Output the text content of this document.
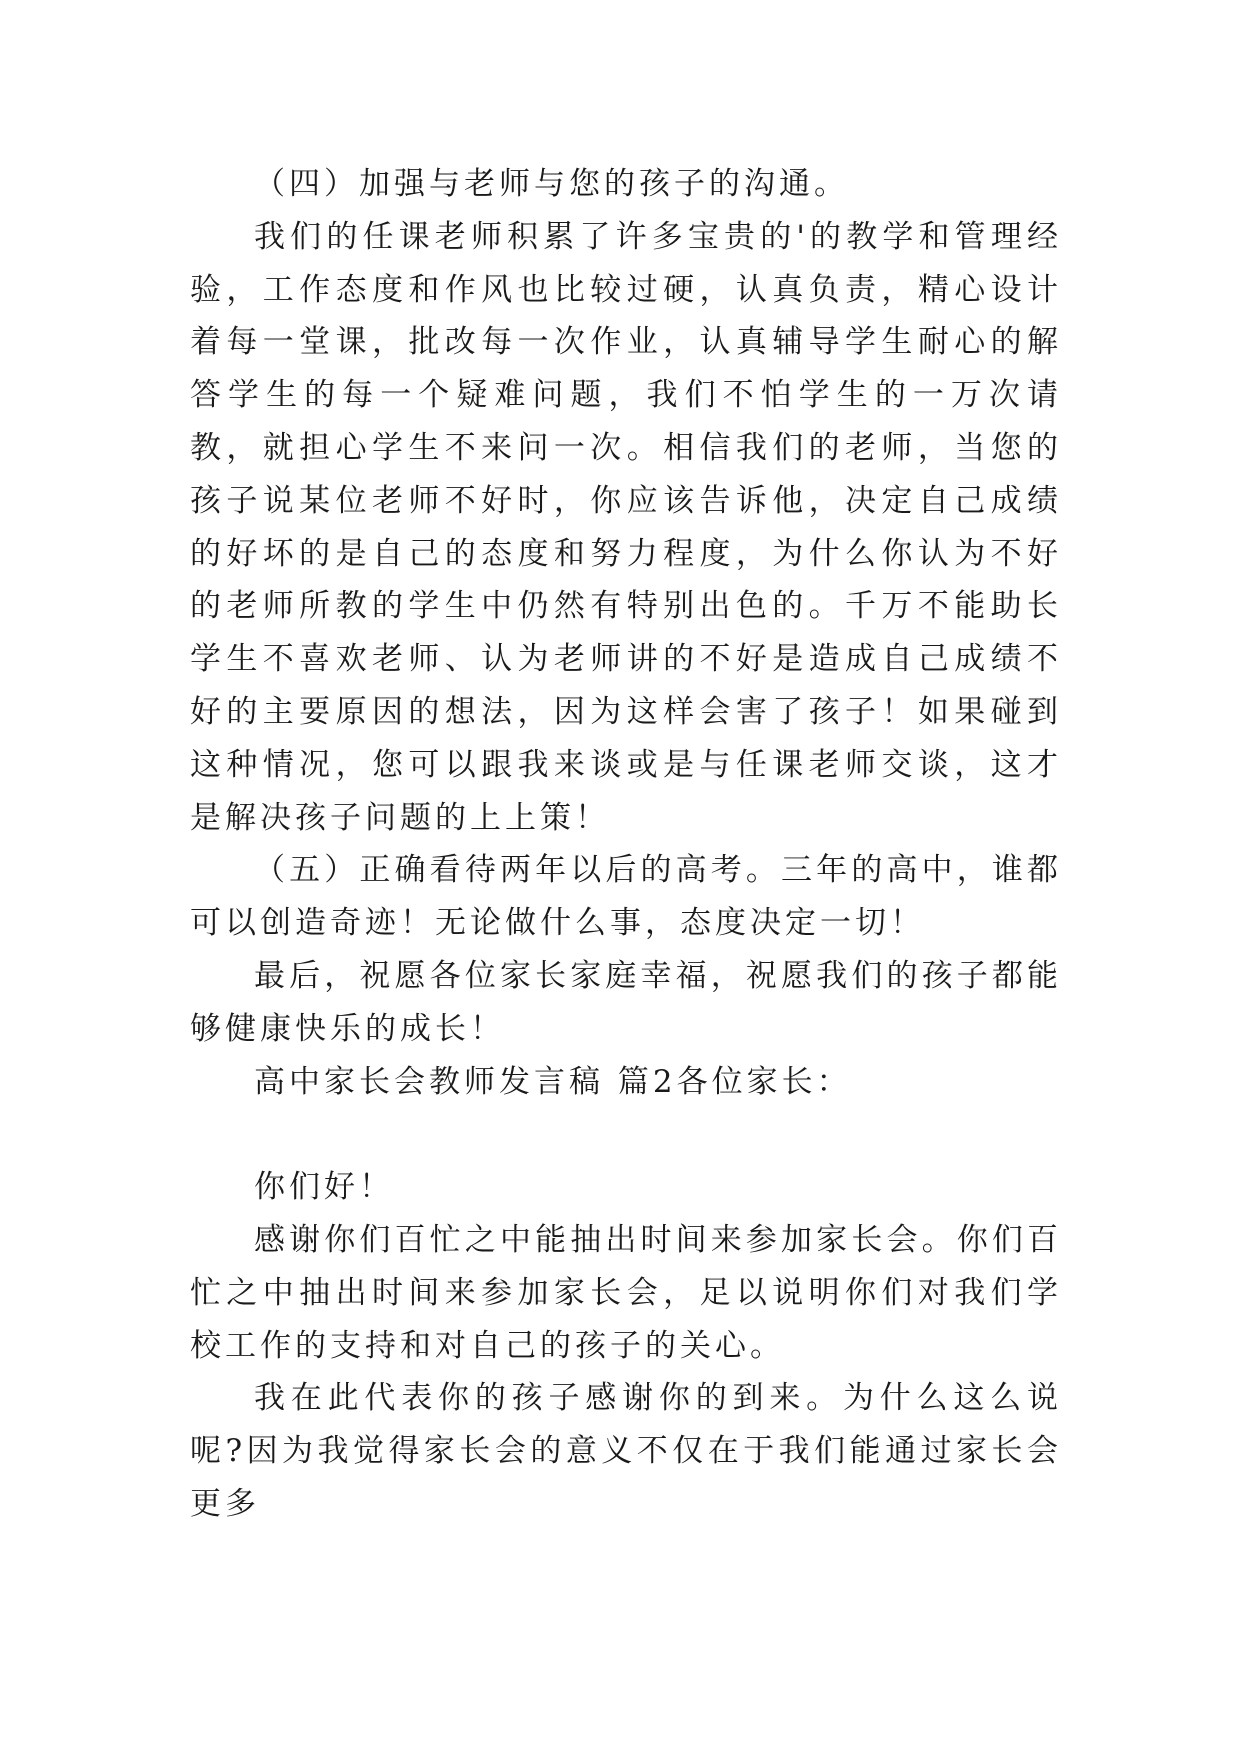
（四）加强与老师与您的孩子的沟通。

我们的任课老师积累了许多宝贵的'的教学和管理经验，工作态度和作风也比较过硬，认真负责，精心设计着每一堂课，批改每一次作业，认真辅导学生耐心的解答学生的每一个疑难问题，我们不怕学生的一万次请教，就担心学生不来问一次。相信我们的老师，当您的孩子说某位老师不好时，你应该告诉他，决定自己成绩的好坏的是自己的态度和努力程度，为什么你认为不好的老师所教的学生中仍然有特别出色的。千万不能助长学生不喜欢老师、认为老师讲的不好是造成自己成绩不好的主要原因的想法，因为这样会害了孩子！如果碰到这种情况，您可以跟我来谈或是与任课老师交谈，这才是解决孩子问题的上上策！

（五）正确看待两年以后的高考。三年的高中，谁都可以创造奇迹！无论做什么事，态度决定一切！

最后，祝愿各位家长家庭幸福，祝愿我们的孩子都能够健康快乐的成长！

高中家长会教师发言稿 篇2各位家长：

你们好！

感谢你们百忙之中能抽出时间来参加家长会。你们百忙之中抽出时间来参加家长会，足以说明你们对我们学校工作的支持和对自己的孩子的关心。

我在此代表你的孩子感谢你的到来。为什么这么说呢?因为我觉得家长会的意义不仅在于我们能通过家长会更多
